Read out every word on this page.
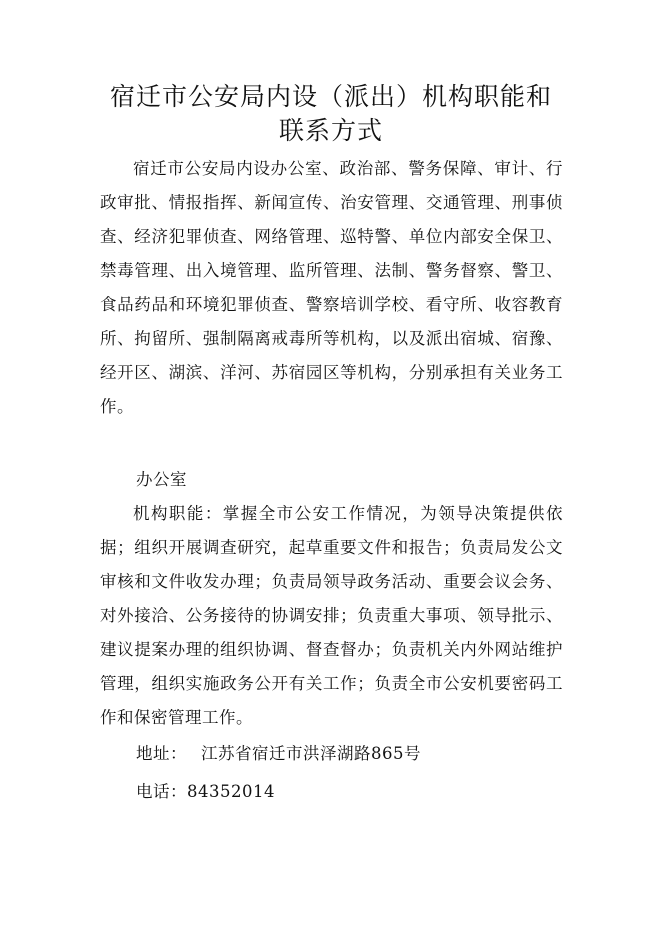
宿迁市公安局内设（派出）机构职能和联系方式

宿迁市公安局内设办公室、政治部、警务保障、审计、行政审批、情报指挥、新闻宣传、治安管理、交通管理、刑事侦查、经济犯罪侦查、网络管理、巡特警、单位内部安全保卫、禁毒管理、出入境管理、监所管理、法制、警务督察、警卫、食品药品和环境犯罪侦查、警察培训学校、看守所、收容教育所、拘留所、强制隔离戒毒所等机构，以及派出宿城、宿豫、经开区、湖滨、洋河、苏宿园区等机构，分别承担有关业务工作。

办公室

机构职能：掌握全市公安工作情况，为领导决策提供依据；组织开展调查研究，起草重要文件和报告；负责局发公文审核和文件收发办理；负责局领导政务活动、重要会议会务、对外接洽、公务接待的协调安排；负责重大事项、领导批示、建议提案办理的组织协调、督查督办；负责机关内外网站维护管理，组织实施政务公开有关工作；负责全市公安机要密码工作和保密管理工作。

地址： 江苏省宿迁市洪泽湖路865号

电话：84352014
